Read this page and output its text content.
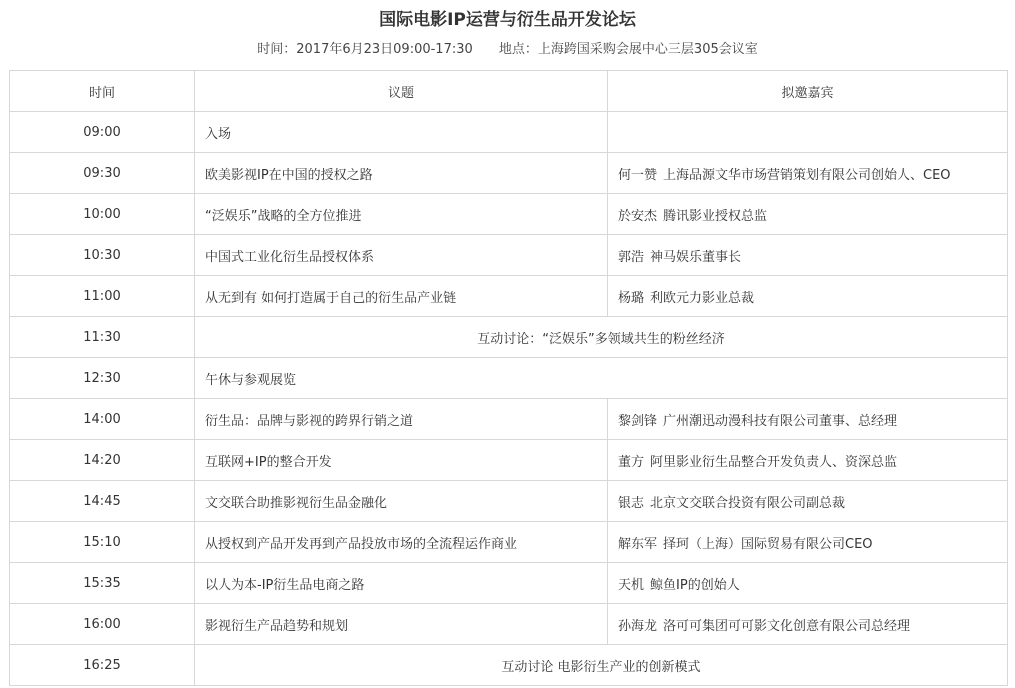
国际电影IP运营与衍生品开发论坛
时间：2017年6月23日09:00-17:30 地点：上海跨国采购会展中心三层305会议室
时间	议题	拟邀嘉宾
09:00	入场	
09:30	欧美影视IP在中国的授权之路	何一赞 上海品源文华市场营销策划有限公司创始人、CEO
10:00	“泛娱乐”战略的全方位推进	於安杰 腾讯影业授权总监
10:30	中国式工业化衍生品授权体系	郭浩 神马娱乐董事长
11:00	从无到有 如何打造属于自己的衍生品产业链	杨璐 利欧元力影业总裁
11:30	互动讨论：“泛娱乐”多领域共生的粉丝经济	
12:30	午休与参观展览	
14:00	衍生品：品牌与影视的跨界行销之道	黎剑锋 广州潮迅动漫科技有限公司董事、总经理
14:20	互联网+IP的整合开发	董方 阿里影业衍生品整合开发负责人、资深总监
14:45	文交联合助推影视衍生品金融化	银志 北京文交联合投资有限公司副总裁
15:10	从授权到产品开发再到产品投放市场的全流程运作商业	解东军 择珂（上海）国际贸易有限公司CEO
15:35	以人为本-IP衍生品电商之路	天机 鲸鱼IP的创始人
16:00	影视衍生产品趋势和规划	孙海龙 洛可可集团可可影文化创意有限公司总经理
16:25	互动讨论 电影衍生产业的创新模式	
